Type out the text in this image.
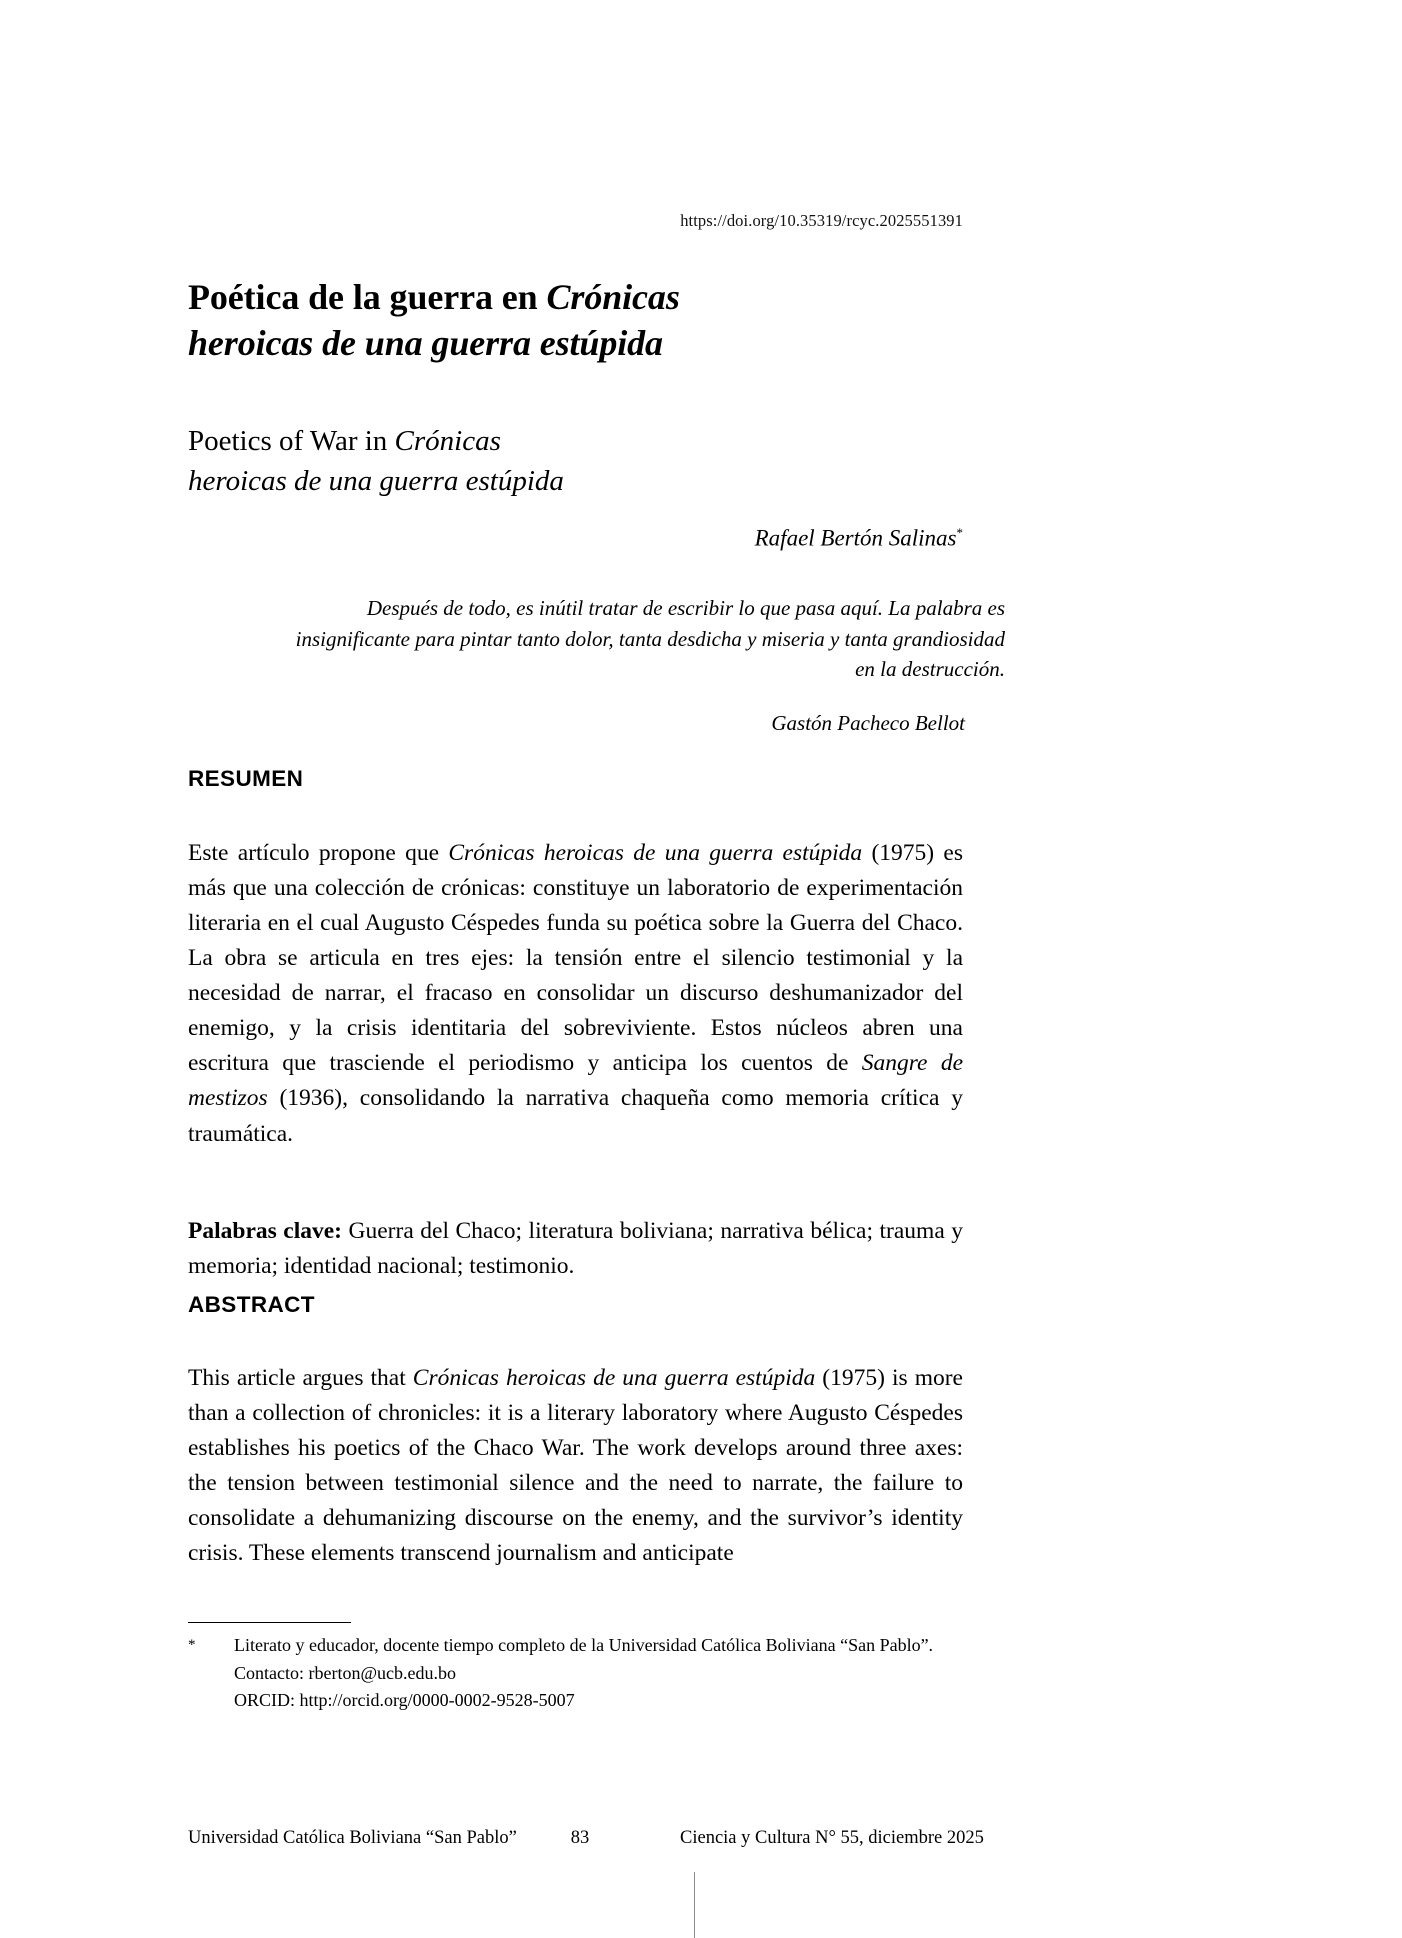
https://doi.org/10.35319/rcyc.2025551391
Poética de la guerra en Crónicas
heroicas de una guerra estúpida
Poetics of War in Crónicas
heroicas de una guerra estúpida
Rafael Bertón Salinas*
Después de todo, es inútil tratar de escribir lo que pasa aquí. La palabra es insignificante para pintar tanto dolor, tanta desdicha y miseria y tanta grandiosidad en la destrucción.
Gastón Pacheco Bellot
RESUMEN

Este artículo propone que Crónicas heroicas de una guerra estúpida (1975) es más que una colección de crónicas: constituye un laboratorio de experimentación literaria en el cual Augusto Céspedes funda su poética sobre la Guerra del Chaco. La obra se articula en tres ejes: la tensión entre el silencio testimonial y la necesidad de narrar, el fracaso en consolidar un discurso deshumanizador del enemigo, y la crisis identitaria del sobreviviente. Estos núcleos abren una escritura que trasciende el periodismo y anticipa los cuentos de Sangre de mestizos (1936), consolidando la narrativa chaqueña como memoria crítica y traumática.

Palabras clave: Guerra del Chaco; literatura boliviana; narrativa bélica; trauma y memoria; identidad nacional; testimonio.

ABSTRACT

This article argues that Crónicas heroicas de una guerra estúpida (1975) is more than a collection of chronicles: it is a literary laboratory where Augusto Céspedes establishes his poetics of the Chaco War. The work develops around three axes: the tension between testimonial silence and the need to narrate, the failure to consolidate a dehumanizing discourse on the enemy, and the survivor’s identity crisis. These elements transcend journalism and anticipate

* Literato y educador, docente tiempo completo de la Universidad Católica Boliviana “San Pablo”.
Contacto: rberton@ucb.edu.bo
ORCID: http://orcid.org/0000-0002-9528-5007
Universidad Católica Boliviana “San Pablo”	83	Ciencia y Cultura N° 55, diciembre 2025
